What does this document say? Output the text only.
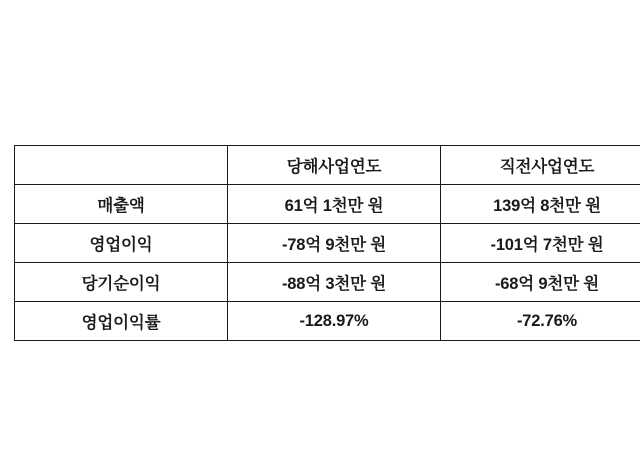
	당해사업연도	직전사업연도
매출액	61억 1천만 원	139억 8천만 원
영업이익	-78억 9천만 원	-101억 7천만 원
당기순이익	-88억 3천만 원	-68억 9천만 원
영업이익률	-128.97%	-72.76%
